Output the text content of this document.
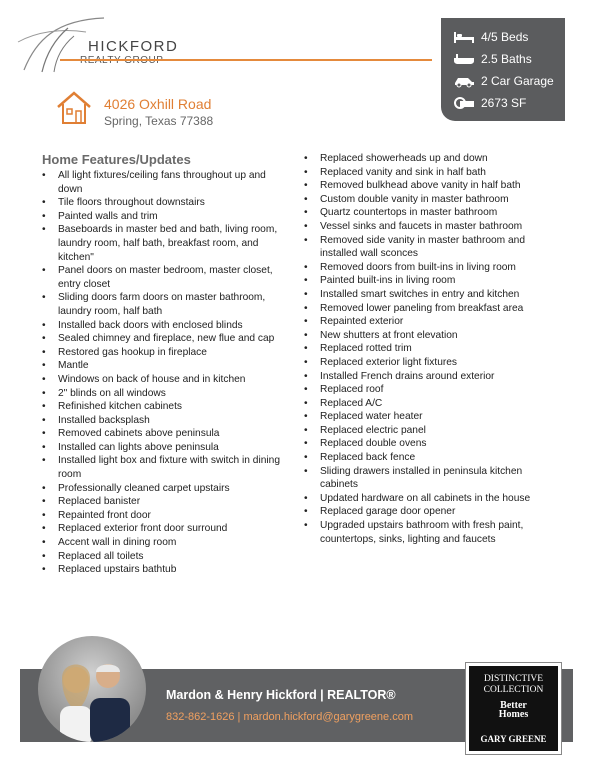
HICKFORD
4/5 Beds
2.5 Baths
2 Car Garage
2673 SF
4026 Oxhill Road
Spring, Texas 77388
Home Features/Updates
• All light fixtures/ceiling fans throughout up and down
• Tile floors throughout downstairs
• Painted walls and trim
• Baseboards in master bed and bath, living room, laundry room, half bath, breakfast room, and kitchen"
• Panel doors on master bedroom, master closet, entry closet
• Sliding doors farm doors on master bathroom, laundry room, half bath
• Installed back doors with enclosed blinds
• Sealed chimney and fireplace, new flue and cap
• Restored gas hookup in fireplace
• Mantle
• Windows on back of house and in kitchen
• 2" blinds on all windows
• Refinished kitchen cabinets
• Installed backsplash
• Removed cabinets above peninsula
• Installed can lights above peninsula
• Installed light box and fixture with switch in dining room
• Professionally cleaned carpet upstairs
• Replaced banister
• Repainted front door
• Replaced exterior front door surround
• Accent wall in dining room
• Replaced all toilets
• Replaced upstairs bathtub
• Replaced showerheads up and down
• Replaced vanity and sink in half bath
• Removed bulkhead above vanity in half bath
• Custom double vanity in master bathroom
• Quartz countertops in master bathroom
• Vessel sinks and faucets in master bathroom
• Removed side vanity in master bathroom and installed wall sconces
• Removed doors from built-ins in living room
• Painted built-ins in living room
• Installed smart switches in entry and kitchen
• Removed lower paneling from breakfast area
• Repainted exterior
• New shutters at front elevation
• Replaced rotted trim
• Replaced exterior light fixtures
• Installed French drains around exterior
• Replaced roof
• Replaced A/C
• Replaced water heater
• Replaced electric panel
• Replaced double ovens
• Replaced back fence
• Sliding drawers installed in peninsula kitchen cabinets
• Updated hardware on all cabinets in the house
• Replaced garage door opener
• Upgraded upstairs bathroom with fresh paint, countertops, sinks, lighting and faucets
Mardon & Henry Hickford | REALTOR®
832-862-1626 | mardon.hickford@garygreene.com
DISTINCTIVE
COLLECTION
Better
Homes
GARY GREENE
